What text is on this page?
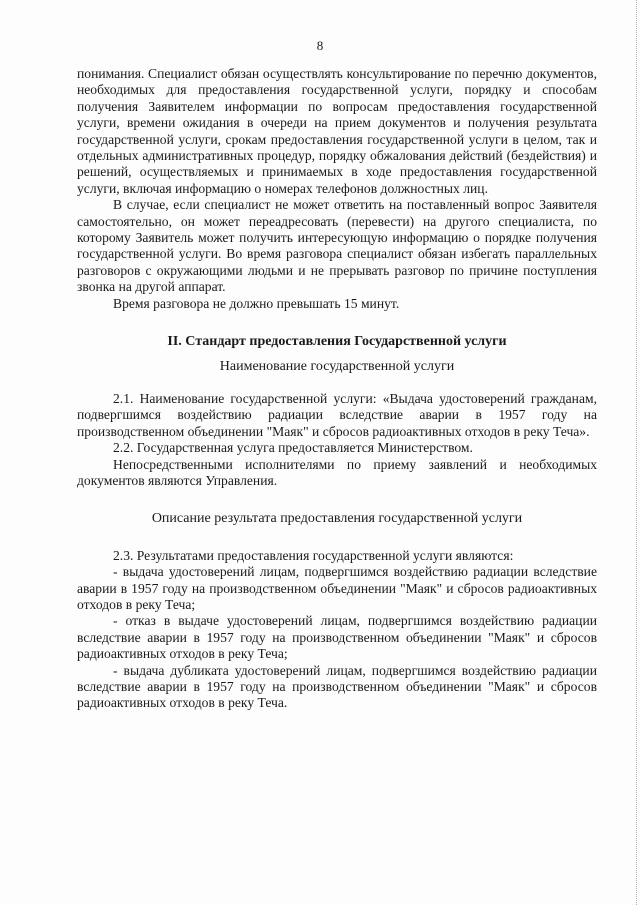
8

понимания. Специалист обязан осуществлять консультирование по перечню документов, необходимых для предоставления государственной услуги, порядку и способам получения Заявителем информации по вопросам предоставления государственной услуги, времени ожидания в очереди на прием документов и получения результата государственной услуги, срокам предоставления государственной услуги в целом, так и отдельных административных процедур, порядку обжалования действий (бездействия) и решений, осуществляемых и принимаемых в ходе предоставления государственной услуги, включая информацию о номерах телефонов должностных лиц.

В случае, если специалист не может ответить на поставленный вопрос Заявителя самостоятельно, он может переадресовать (перевести) на другого специалиста, по которому Заявитель может получить интересующую информацию о порядке получения государственной услуги. Во время разговора специалист обязан избегать параллельных разговоров с окружающими людьми и не прерывать разговор по причине поступления звонка на другой аппарат.

Время разговора не должно превышать 15 минут.

II. Стандарт предоставления Государственной услуги
Наименование государственной услуги

2.1. Наименование государственной услуги: «Выдача удостоверений гражданам, подвергшимся воздействию радиации вследствие аварии в 1957 году на производственном объединении "Маяк" и сбросов радиоактивных отходов в реку Теча».

2.2. Государственная услуга предоставляется Министерством.

Непосредственными исполнителями по приему заявлений и необходимых документов являются Управления.

Описание результата предоставления государственной услуги

2.3. Результатами предоставления государственной услуги являются:

- выдача удостоверений лицам, подвергшимся воздействию радиации вследствие аварии в 1957 году на производственном объединении "Маяк" и сбросов радиоактивных отходов в реку Теча;

- отказ в выдаче удостоверений лицам, подвергшимся воздействию радиации вследствие аварии в 1957 году на производственном объединении "Маяк" и сбросов радиоактивных отходов в реку Теча;

- выдача дубликата удостоверений лицам, подвергшимся воздействию радиации вследствие аварии в 1957 году на производственном объединении "Маяк" и сбросов радиоактивных отходов в реку Теча.
